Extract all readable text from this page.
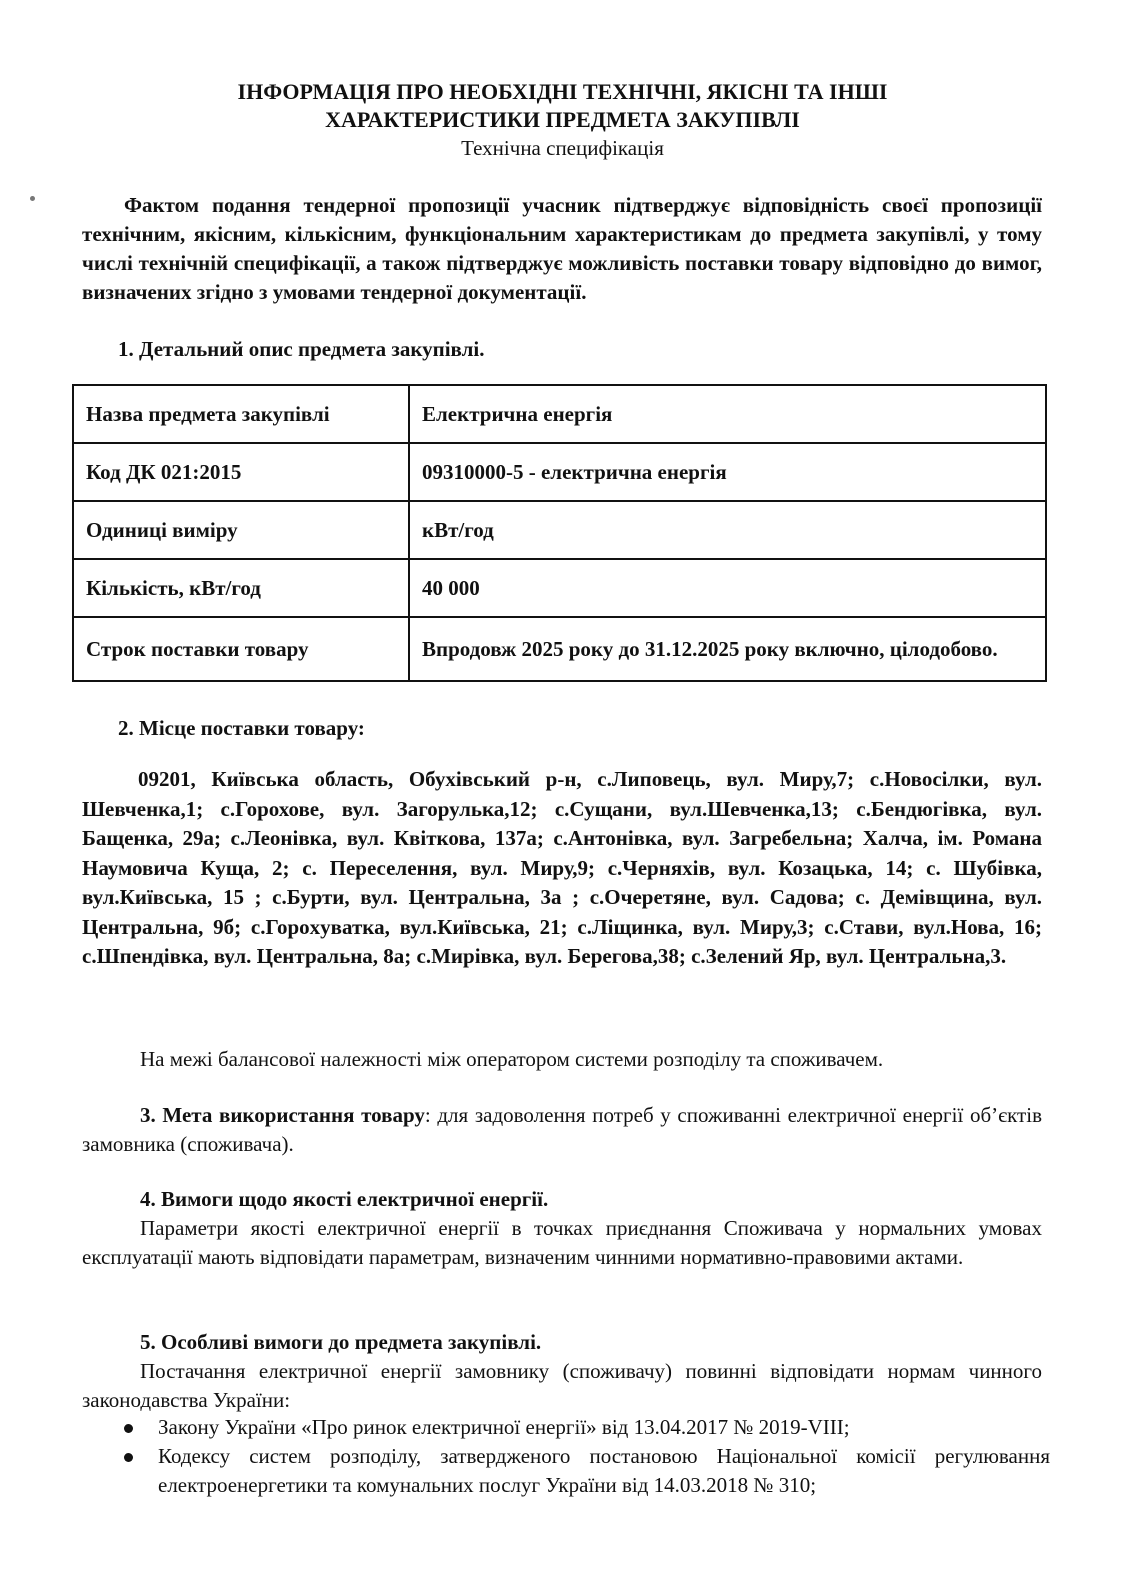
ІНФОРМАЦІЯ ПРО НЕОБХІДНІ ТЕХНІЧНІ, ЯКІСНІ ТА ІНШІ
ХАРАКТЕРИСТИКИ ПРЕДМЕТА ЗАКУПІВЛІ
Технічна специфікація
Фактом подання тендерної пропозиції учасник підтверджує відповідність своєї пропозиції технічним, якісним, кількісним, функціональним характеристикам до предмета закупівлі, у тому числі технічній специфікації, а також підтверджує можливість поставки товару відповідно до вимог, визначених згідно з умовами тендерної документації.
1. Детальний опис предмета закупівлі.
Назва предмета закупівлі	Електрична енергія
Код ДК 021:2015	09310000-5 - електрична енергія
Одиниці виміру	кВт/год
Кількість, кВт/год	40 000
Строк поставки товару	Впродовж 2025 року до 31.12.2025 року включно, цілодобово.
2. Місце поставки товару:
09201, Київська область, Обухівський р-н, с.Липовець, вул. Миру,7; с.Новосілки, вул. Шевченка,1; с.Горохове, вул. Загорулька,12; с.Сущани, вул.Шевченка,13; с.Бендюгівка, вул. Бащенка, 29а; с.Леонівка, вул. Квіткова, 137а; с.Антонівка, вул. Загребельна; Халча, ім. Романа Наумовича Куща, 2; с. Переселення, вул. Миру,9; с.Черняхів, вул. Козацька, 14; с. Шубівка, вул.Київська, 15 ; с.Бурти, вул. Центральна, 3а ; с.Очеретяне, вул. Садова; с. Демівщина, вул. Центральна, 9б; с.Гороxуватка, вул.Київська, 21; с.Ліщинка, вул. Миру,3; с.Стави, вул.Нова, 16; с.Шпендівка, вул. Центральна, 8а; с.Мирівка, вул. Берегова,38; с.Зелений Яр, вул. Центральна,3.
На межі балансової належності між оператором системи розподілу та споживачем.
3. Мета використання товару: для задоволення потреб у споживанні електричної енергії об’єктів замовника (споживача).
4. Вимоги щодо якості електричної енергії.
Параметри якості електричної енергії в точках приєднання Споживача у нормальних умовах експлуатації мають відповідати параметрам, визначеним чинними нормативно-правовими актами.
5. Особливі вимоги до предмета закупівлі.
Постачання електричної енергії замовнику (споживачу) повинні відповідати нормам чинного законодавства України:
Закону України «Про ринок електричної енергії» від 13.04.2017 № 2019-VIII;
Кодексу систем розподілу, затвердженого постановою Національної комісії регулювання електроенергетики та комунальних послуг України від 14.03.2018 № 310;
